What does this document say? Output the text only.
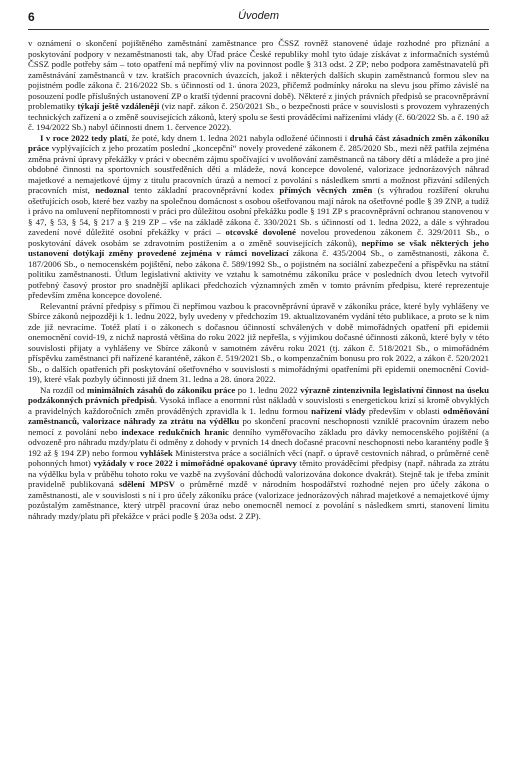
6	Úvodem

v oznámení o skončení pojištěného zaměstnání zaměstnance pro ČSSZ rovněž stanovené údaje rozhodné pro přiznání a poskytování podpory v nezaměstnanosti tak, aby Úřad práce České republiky mohl tyto údaje získávat z informačních systémů ČSSZ podle potřeby sám – toto opatření má nepřímý vliv na povinnost podle § 313 odst. 2 ZP; nebo podpora zaměstnavatelů při zaměstnávání zaměstnanců v tzv. kratších pracovních úvazcích, jakož i některých dalších skupin zaměstnanců formou slev na pojistném podle zákona č. 216/2022 Sb. s účinností od 1. února 2023, přičemž podmínky nároku na slevu jsou přímo závislé na posouzení podle příslušných ustanovení ZP o kratší týdenní pracovní době). Některé z jiných právních předpisů se pracovněprávní problematiky týkají ještě vzdáleněji (viz např. zákon č. 250/2021 Sb., o bezpečnosti práce v souvislosti s provozem vyhrazených technických zařízení a o změně souvisejících zákonů, který spolu se šesti prováděcími nařízeními vlády (č. 60/2022 Sb. a č. 190 až č. 194/2022 Sb.) nabyl účinnosti dnem 1. července 2022).

I v roce 2022 tedy platí, že poté, kdy dnem 1. ledna 2021 nabyla odložené účinnosti i druhá část zásadních změn zákoníku práce vyplývajících z jeho prozatím poslední „koncepční“ novely provedené zákonem č. 285/2020 Sb., mezi něž patřila zejména změna právní úpravy překážky v práci v obecném zájmu spočívající v uvolňování zaměstnanců na tábory dětí a mládeže a pro jiné obdobné činnosti na sportovních soustředěních dětí a mládeže, nová koncepce dovolené, valorizace jednorázových náhrad majetkové a nemajetkové újmy z titulu pracovních úrazů a nemocí z povolání s následkem smrti a možnost přizvání sdílených pracovních míst, nedoznal tento základní pracovněprávní kodex přímých věcných změn (s výhradou rozšíření okruhu ošetřujících osob, které bez vazby na společnou domácnost s osobou ošetřovanou mají nárok na ošetřovné podle § 39 ZNP, a tudíž i právo na omluvení nepřítomnosti v práci pro důležitou osobní překážku podle § 191 ZP s pracovněprávní ochranou stanovenou v § 47, § 53, § 54, § 217 a § 219 ZP – vše na základě zákona č. 330/2021 Sb. s účinností od 1. ledna 2022, a dále s výhradou zavedení nové důležité osobní překážky v práci – otcovské dovolené novelou provedenou zákonem č. 329/2011 Sb., o poskytování dávek osobám se zdravotním postižením a o změně souvisejících zákonů), nepřímo se však některých jeho ustanovení dotýkají změny provedené zejména v rámci novelizací zákona č. 435/2004 Sb., o zaměstnanosti, zákona č. 187/2006 Sb., o nemocenském pojištění, nebo zákona č. 589/1992 Sb., o pojistném na sociální zabezpečení a příspěvku na státní politiku zaměstnanosti. Útlum legislativní aktivity ve vztahu k samotnému zákoníku práce v posledních dvou letech vytvořil potřebný časový prostor pro snadnější aplikaci předchozích významných změn v tomto právním předpisu, které reprezentuje především změna koncepce dovolené.

Relevantní právní předpisy s přímou či nepřímou vazbou k pracovněprávní úpravě v zákoníku práce, které byly vyhlášeny ve Sbírce zákonů nejpozději k 1. lednu 2022, byly uvedeny v předchozím 19. aktualizovaném vydání této publikace, a proto se k nim zde již nevracíme. Totéž platí i o zákonech s dočasnou účinností schválených v době mimořádných opatření při epidemii onemocnění covid-19, z nichž naprostá většina do roku 2022 již nepřešla, s výjimkou dočasné účinnosti zákonů, které byly v této souvislosti přijaty a vyhlášeny ve Sbírce zákonů v samotném závěru roku 2021 (tj. zákon č. 518/2021 Sb., o mimořádném příspěvku zaměstnanci při nařízené karanténě, zákon č. 519/2021 Sb., o kompenzačním bonusu pro rok 2022, a zákon č. 520/2021 Sb., o dalších opatřeních při poskytování ošetřovného v souvislosti s mimořádnými opatřeními při epidemii onemocnění Covid-19), které však pozbyly účinnosti již dnem 31. ledna a 28. února 2022.

Na rozdíl od minimálních zásahů do zákoníku práce po 1. lednu 2022 výrazně zintenzivnila legislativní činnost na úseku podzákonných právních předpisů. Vysoká inflace a enormní růst nákladů v souvislosti s energetickou krizí si kromě obvyklých a pravidelných každoročních změn prováděných zpravidla k 1. lednu formou nařízení vlády především v oblasti odměňování zaměstnanců, valorizace náhrady za ztrátu na výdělku po skončení pracovní neschopnosti vzniklé pracovním úrazem nebo nemocí z povolání nebo indexace redukčních hranic denního vyměřovacího základu pro dávky nemocenského pojištění (a odvozeně pro náhradu mzdy/platu či odměny z dohody v prvních 14 dnech dočasné pracovní neschopnosti nebo karantény podle § 192 až § 194 ZP) nebo formou vyhlášek Ministerstva práce a sociálních věcí (např. o úpravě cestovních náhrad, o průměrné ceně pohonných hmot) vyžádaly v roce 2022 i mimořádné opakované úpravy těmito prováděcími předpisy (např. náhrada za ztrátu na výdělku byla v průběhu tohoto roku ve vazbě na zvyšování důchodů valorizována dokonce dvakrát). Stejně tak je třeba zmínit pravidelně publikovaná sdělení MPSV o průměrné mzdě v národním hospodářství rozhodné nejen pro účely zákona o zaměstnanosti, ale v souvislosti s ní i pro účely zákoníku práce (valorizace jednorázových náhrad majetkové a nemajetkové újmy pozůstalým zaměstnance, který utrpěl pracovní úraz nebo onemocněl nemocí z povolání s následkem smrti, stanovení limitu náhrady mzdy/platu při překážce v práci podle § 203a odst. 2 ZP).
